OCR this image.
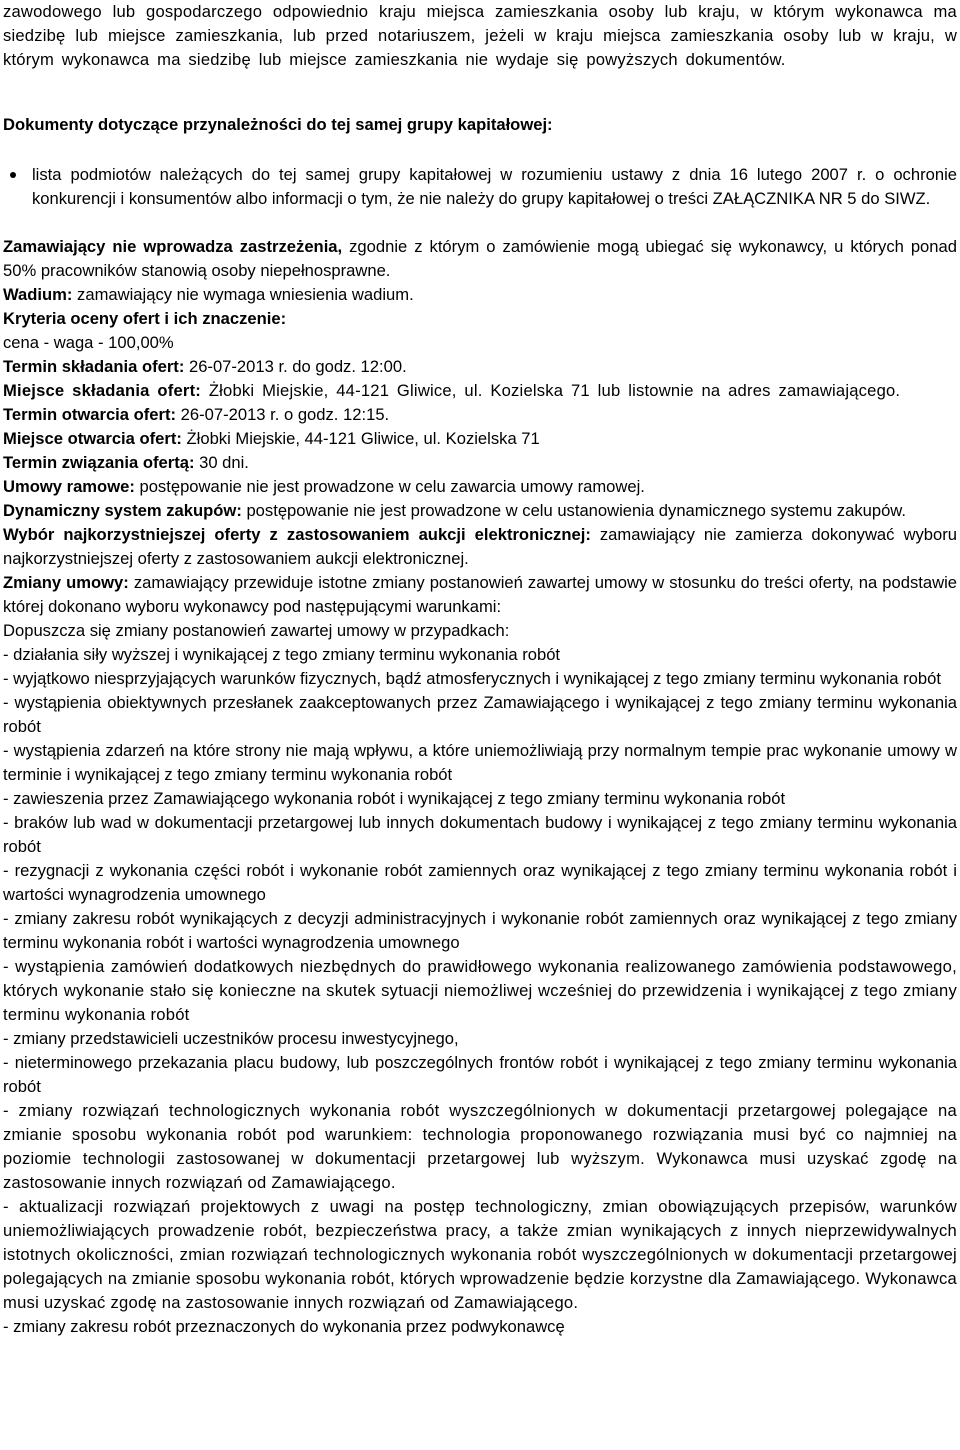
zawodowego lub gospodarczego odpowiednio kraju miejsca zamieszkania osoby lub kraju, w którym wykonawca ma siedzibę lub miejsce zamieszkania, lub przed notariuszem, jeżeli w kraju miejsca zamieszkania osoby lub w kraju, w którym wykonawca ma siedzibę lub miejsce zamieszkania nie wydaje się powyższych dokumentów.

Dokumenty dotyczące przynależności do tej samej grupy kapitałowej:

lista podmiotów należących do tej samej grupy kapitałowej w rozumieniu ustawy z dnia 16 lutego 2007 r. o ochronie konkurencji i konsumentów albo informacji o tym, że nie należy do grupy kapitałowej o treści ZAŁĄCZNIKA NR 5 do SIWZ.

Zamawiający nie wprowadza zastrzeżenia, zgodnie z którym o zamówienie mogą ubiegać się wykonawcy, u których ponad 50% pracowników stanowią osoby niepełnosprawne.

Wadium: zamawiający nie wymaga wniesienia wadium.

Kryteria oceny ofert i ich znaczenie:

cena - waga - 100,00%

Termin składania ofert: 26-07-2013 r. do godz. 12:00.

Miejsce składania ofert: Żłobki Miejskie, 44-121 Gliwice, ul. Kozielska 71 lub listownie na adres zamawiającego.

Termin otwarcia ofert: 26-07-2013 r. o godz. 12:15.

Miejsce otwarcia ofert: Żłobki Miejskie, 44-121 Gliwice, ul. Kozielska 71

Termin związania ofertą: 30 dni.

Umowy ramowe: postępowanie nie jest prowadzone w celu zawarcia umowy ramowej.

Dynamiczny system zakupów: postępowanie nie jest prowadzone w celu ustanowienia dynamicznego systemu zakupów.

Wybór najkorzystniejszej oferty z zastosowaniem aukcji elektronicznej: zamawiający nie zamierza dokonywać wyboru najkorzystniejszej oferty z zastosowaniem aukcji elektronicznej.

Zmiany umowy: zamawiający przewiduje istotne zmiany postanowień zawartej umowy w stosunku do treści oferty, na podstawie której dokonano wyboru wykonawcy pod następującymi warunkami:

Dopuszcza się zmiany postanowień zawartej umowy w przypadkach:

- działania siły wyższej i wynikającej z tego zmiany terminu wykonania robót

- wyjątkowo niesprzyjających warunków fizycznych, bądź atmosferycznych i wynikającej z tego zmiany terminu wykonania robót

- wystąpienia obiektywnych przesłanek zaakceptowanych przez Zamawiającego i wynikającej z tego zmiany terminu wykonania robót

- wystąpienia zdarzeń na które strony nie mają wpływu, a które uniemożliwiają przy normalnym tempie prac wykonanie umowy w terminie i wynikającej z tego zmiany terminu wykonania robót

- zawieszenia przez Zamawiającego wykonania robót i wynikającej z tego zmiany terminu wykonania robót

- braków lub wad w dokumentacji przetargowej lub innych dokumentach budowy i wynikającej z tego zmiany terminu wykonania robót

- rezygnacji z wykonania części robót i wykonanie robót zamiennych oraz wynikającej z tego zmiany terminu wykonania robót i wartości wynagrodzenia umownego

- zmiany zakresu robót wynikających z decyzji administracyjnych i wykonanie robót zamiennych oraz wynikającej z tego zmiany terminu wykonania robót i wartości wynagrodzenia umownego

- wystąpienia zamówień dodatkowych niezbędnych do prawidłowego wykonania realizowanego zamówienia podstawowego, których wykonanie stało się konieczne na skutek sytuacji niemożliwej wcześniej do przewidzenia i wynikającej z tego zmiany terminu wykonania robót

- zmiany przedstawicieli uczestników procesu inwestycyjnego,

- nieterminowego przekazania placu budowy, lub poszczególnych frontów robót i wynikającej z tego zmiany terminu wykonania robót

- zmiany rozwiązań technologicznych wykonania robót wyszczególnionych w dokumentacji przetargowej polegające na zmianie sposobu wykonania robót pod warunkiem: technologia proponowanego rozwiązania musi być co najmniej na poziomie technologii zastosowanej w dokumentacji przetargowej lub wyższym. Wykonawca musi uzyskać zgodę na zastosowanie innych rozwiązań od Zamawiającego.

- aktualizacji rozwiązań projektowych z uwagi na postęp technologiczny, zmian obowiązujących przepisów, warunków uniemożliwiających prowadzenie robót, bezpieczeństwa pracy, a także zmian wynikających z innych nieprzewidywalnych istotnych okoliczności, zmian rozwiązań technologicznych wykonania robót wyszczególnionych w dokumentacji przetargowej polegających na zmianie sposobu wykonania robót, których wprowadzenie będzie korzystne dla Zamawiającego. Wykonawca musi uzyskać zgodę na zastosowanie innych rozwiązań od Zamawiającego.

- zmiany zakresu robót przeznaczonych do wykonania przez podwykonawcę
